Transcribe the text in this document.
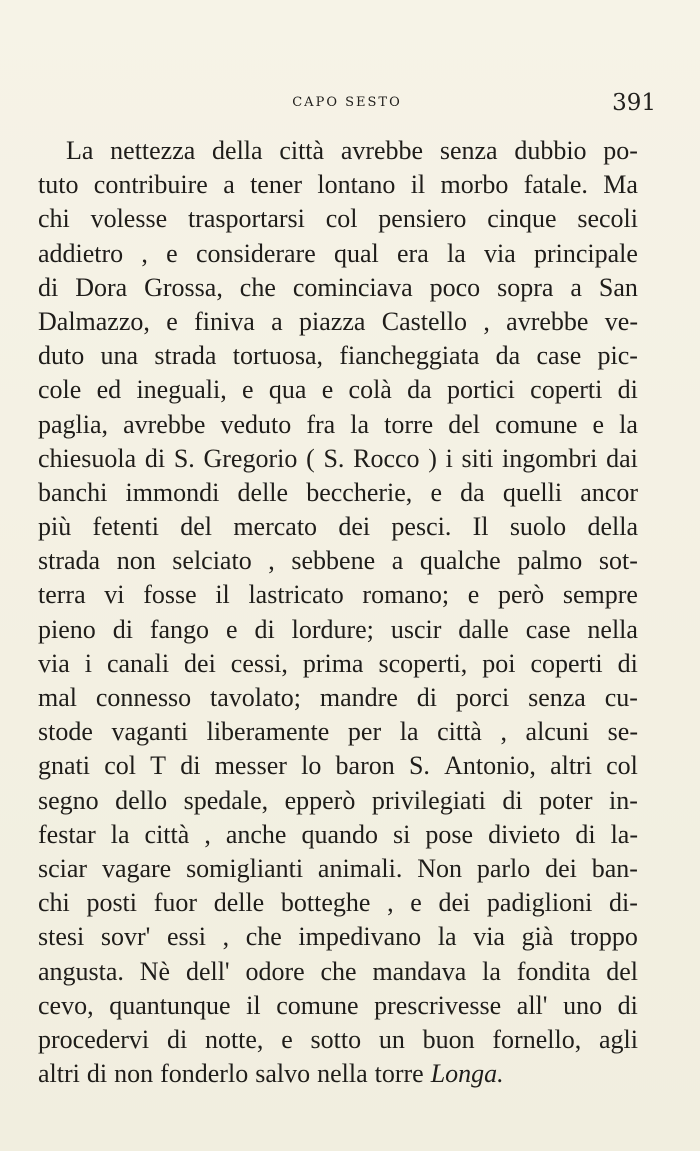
CAPO SESTO	391
La nettezza della città avrebbe senza dubbio po-
tuto contribuire a tener lontano il morbo fatale. Ma
chi volesse trasportarsi col pensiero cinque secoli
addietro , e considerare qual era la via principale
di Dora Grossa, che cominciava poco sopra a San
Dalmazzo, e finiva a piazza Castello , avrebbe ve-
duto una strada tortuosa, fiancheggiata da case pic-
cole ed ineguali, e qua e colà da portici coperti di
paglia, avrebbe veduto fra la torre del comune e la
chiesuola di S. Gregorio ( S. Rocco ) i siti ingombri dai
banchi immondi delle beccherie, e da quelli ancor
più fetenti del mercato dei pesci. Il suolo della
strada non selciato , sebbene a qualche palmo sot-
terra vi fosse il lastricato romano; e però sempre
pieno di fango e di lordure; uscir dalle case nella
via i canali dei cessi, prima scoperti, poi coperti di
mal connesso tavolato; mandre di porci senza cu-
stode vaganti liberamente per la città , alcuni se-
gnati col T di messer lo baron S. Antonio, altri col
segno dello spedale, epperò privilegiati di poter in-
festar la città , anche quando si pose divieto di la-
sciar vagare somiglianti animali. Non parlo dei ban-
chi posti fuor delle botteghe , e dei padiglioni di-
stesi sovr' essi , che impedivano la via già troppo
angusta. Nè dell' odore che mandava la fondita del
cevo, quantunque il comune prescrivesse all' uno di
procedervi di notte, e sotto un buon fornello, agli
altri di non fonderlo salvo nella torre Longa.
